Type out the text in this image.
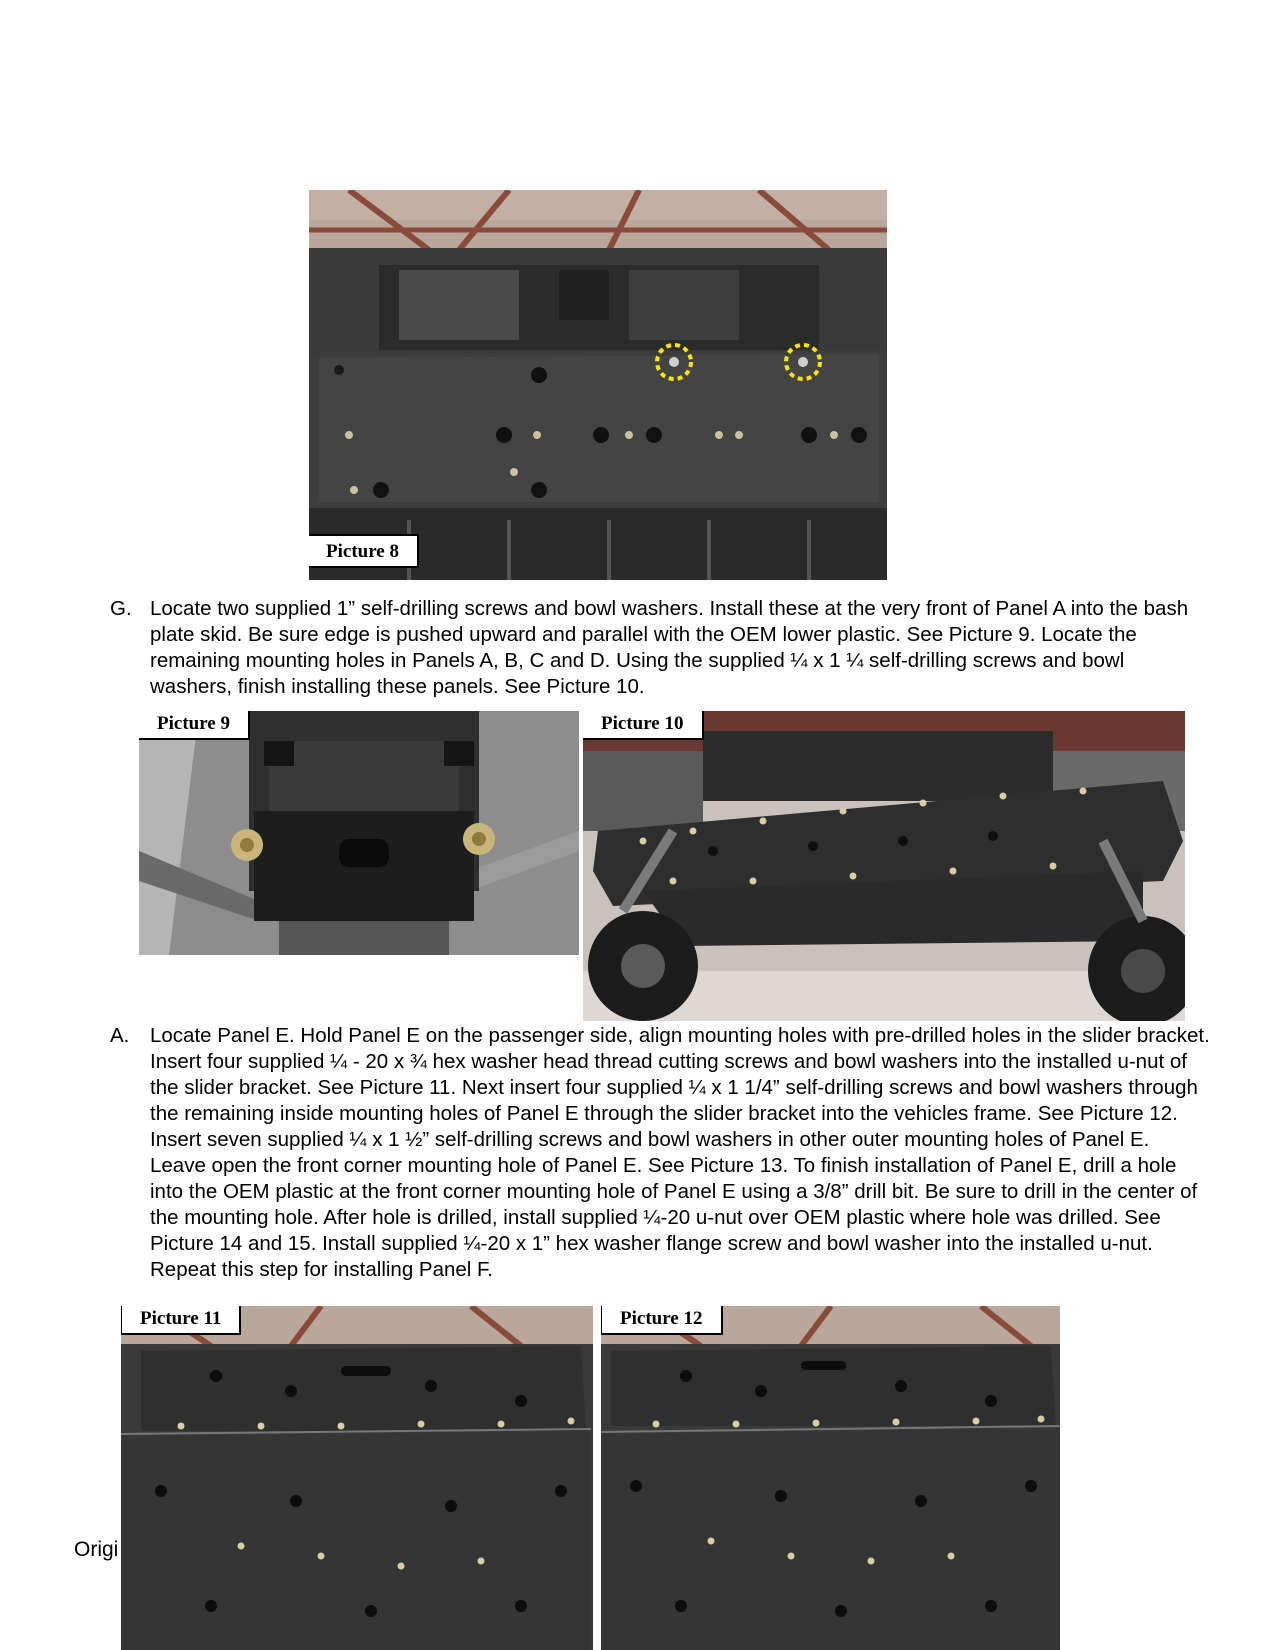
Picture 8
G. Locate two supplied 1” self-drilling screws and bowl washers. Install these at the very front of Panel A into the bash plate skid. Be sure edge is pushed upward and parallel with the OEM lower plastic. See Picture 9. Locate the remaining mounting holes in Panels A, B, C and D. Using the supplied ¼ x 1 ¼ self-drilling screws and bowl washers, finish installing these panels. See Picture 10.
Picture 9	Picture 10
A. Locate Panel E. Hold Panel E on the passenger side, align mounting holes with pre-drilled holes in the slider bracket. Insert four supplied ¼ - 20 x ¾ hex washer head thread cutting screws and bowl washers into the installed u-nut of the slider bracket. See Picture 11. Next insert four supplied ¼ x 1 1/4” self-drilling screws and bowl washers through the remaining inside mounting holes of Panel E through the slider bracket into the vehicles frame. See Picture 12. Insert seven supplied ¼ x 1 ½” self-drilling screws and bowl washers in other outer mounting holes of Panel E. Leave open the front corner mounting hole of Panel E. See Picture 13. To finish installation of Panel E, drill a hole into the OEM plastic at the front corner mounting hole of Panel E using a 3/8” drill bit. Be sure to drill in the center of the mounting hole. After hole is drilled, install supplied ¼-20 u-nut over OEM plastic where hole was drilled. See Picture 14 and 15. Install supplied ¼-20 x 1” hex washer flange screw and bowl washer into the installed u-nut. Repeat this step for installing Panel F.
Origi
Picture 11	Picture 12
